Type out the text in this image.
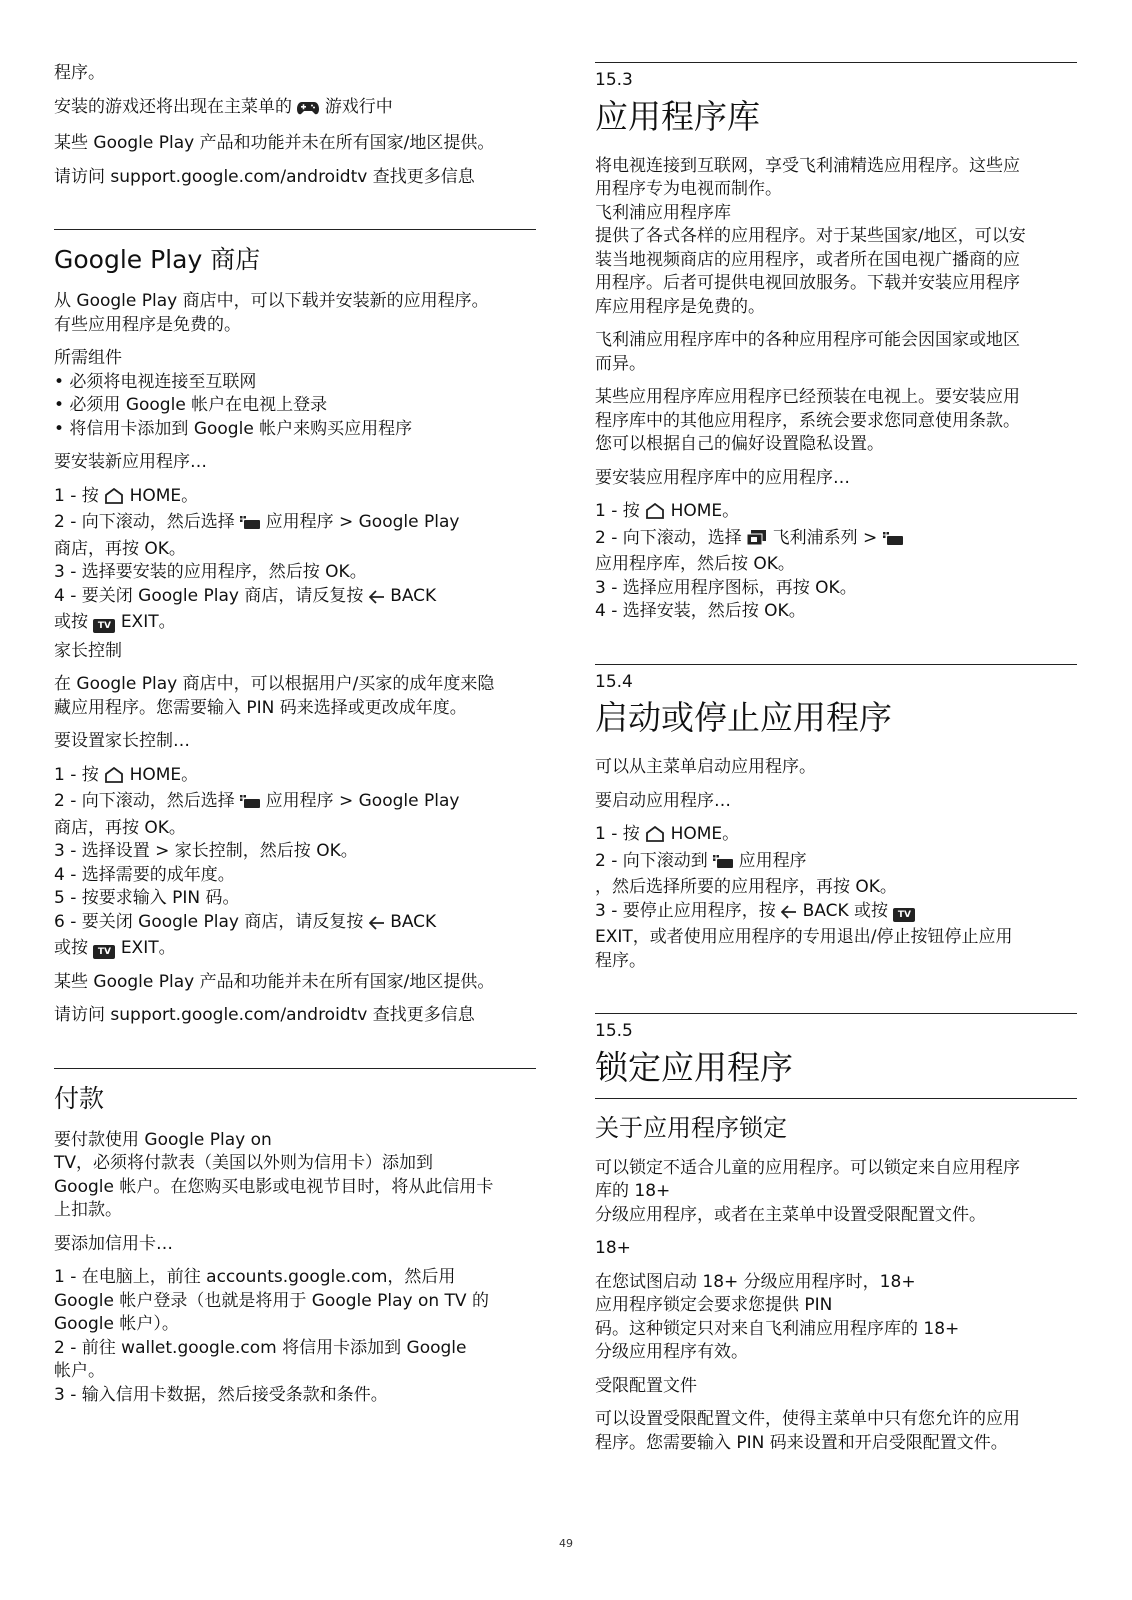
程序。

安装的游戏还将出现在主菜单的 游戏行中

某些 Google Play 产品和功能并未在所有国家/地区提供。

请访问 support.google.com/androidtv 查找更多信息

Google Play 商店

从 Google Play 商店中，可以下载并安装新的应用程序。

有些应用程序是免费的。

所需组件

• 必须将电视连接至互联网

• 必须用 Google 帐户在电视上登录

• 将信用卡添加到 Google 帐户来购买应用程序

要安装新应用程序…

1 - 按 HOME。

2 - 向下滚动，然后选择 应用程序 > Google Play

商店，再按 OK。

3 - 选择要安装的应用程序，然后按 OK。

4 - 要关闭 Google Play 商店，请反复按 BACK

或按 TV EXIT。

家长控制

在 Google Play 商店中，可以根据用户/买家的成年度来隐

藏应用程序。您需要输入 PIN 码来选择或更改成年度。

要设置家长控制…

1 - 按 HOME。

2 - 向下滚动，然后选择 应用程序 > Google Play

商店，再按 OK。

3 - 选择设置 > 家长控制，然后按 OK。

4 - 选择需要的成年度。

5 - 按要求输入 PIN 码。

6 - 要关闭 Google Play 商店，请反复按 BACK

或按 TV EXIT。

某些 Google Play 产品和功能并未在所有国家/地区提供。

请访问 support.google.com/androidtv 查找更多信息

付款

要付款使用 Google Play on

TV，必须将付款表（美国以外则为信用卡）添加到

Google 帐户。在您购买电影或电视节目时，将从此信用卡

上扣款。

要添加信用卡…

1 - 在电脑上，前往 accounts.google.com，然后用

Google 帐户登录（也就是将用于 Google Play on TV 的

Google 帐户）。

2 - 前往 wallet.google.com 将信用卡添加到 Google

帐户。

3 - 输入信用卡数据，然后接受条款和条件。

15.3

应用程序库

将电视连接到互联网，享受飞利浦精选应用程序。这些应

用程序专为电视而制作。

飞利浦应用程序库

提供了各式各样的应用程序。对于某些国家/地区，可以安

装当地视频商店的应用程序，或者所在国电视广播商的应

用程序。后者可提供电视回放服务。下载并安装应用程序

库应用程序是免费的。

飞利浦应用程序库中的各种应用程序可能会因国家或地区

而异。

某些应用程序库应用程序已经预装在电视上。要安装应用

程序库中的其他应用程序，系统会要求您同意使用条款。

您可以根据自己的偏好设置隐私设置。

要安装应用程序库中的应用程序…

1 - 按 HOME。

2 - 向下滚动，选择 飞利浦系列 >

应用程序库，然后按 OK。

3 - 选择应用程序图标，再按 OK。

4 - 选择安装，然后按 OK。

15.4

启动或停止应用程序

可以从主菜单启动应用程序。

要启动应用程序…

1 - 按 HOME。

2 - 向下滚动到 应用程序

，然后选择所要的应用程序，再按 OK。

3 - 要停止应用程序，按 BACK 或按 TV

EXIT，或者使用应用程序的专用退出/停止按钮停止应用

程序。

15.5

锁定应用程序
关于应用程序锁定

可以锁定不适合儿童的应用程序。可以锁定来自应用程序

库的 18+

分级应用程序，或者在主菜单中设置受限配置文件。

18+

在您试图启动 18+ 分级应用程序时，18+

应用程序锁定会要求您提供 PIN

码。这种锁定只对来自飞利浦应用程序库的 18+

分级应用程序有效。

受限配置文件

可以设置受限配置文件，使得主菜单中只有您允许的应用

程序。您需要输入 PIN 码来设置和开启受限配置文件。

49
